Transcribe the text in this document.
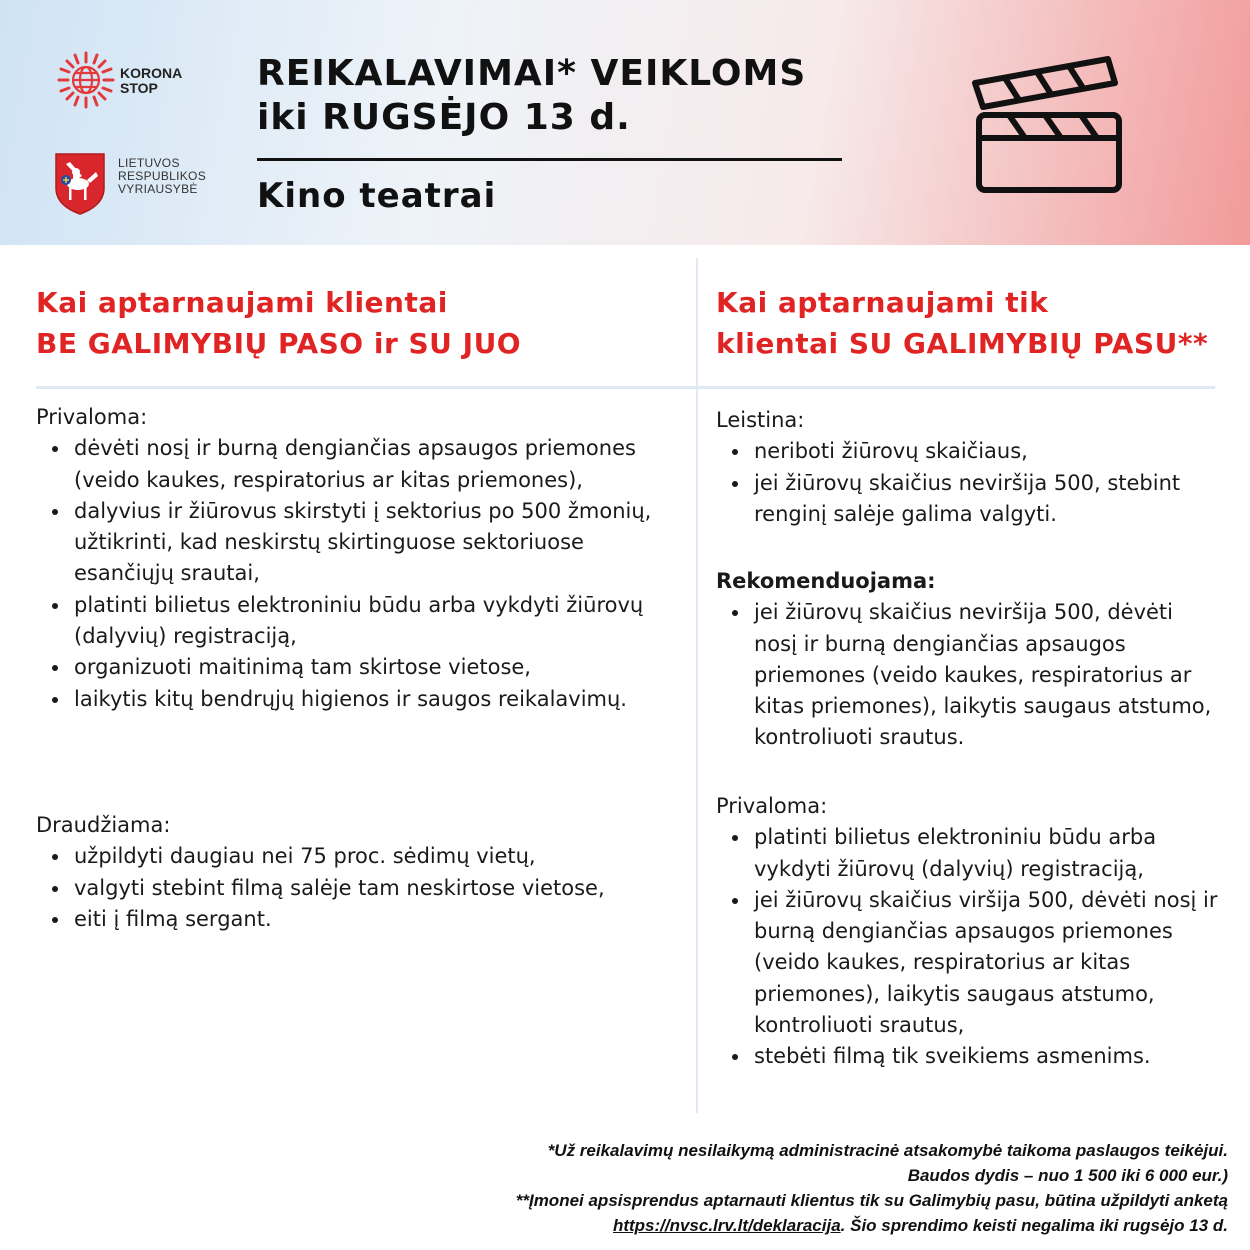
KORONA
STOP
LIETUVOS
RESPUBLIKOS
VYRIAUSYBĖ
REIKALAVIMAI* VEIKLOMS
iki RUGSĖJO 13 d.
Kino teatrai
Kai aptarnaujami klientai
BE GALIMYBIŲ PASO ir SU JUO
Privaloma:
dėvėti nosį ir burną dengiančias apsaugos priemones (veido kaukes, respiratorius ar kitas priemones),
dalyvius ir žiūrovus skirstyti į sektorius po 500 žmonių, užtikrinti, kad neskirstų skirtinguose sektoriuose esančiųjų srautai,
platinti bilietus elektroniniu būdu arba vykdyti žiūrovų (dalyvių) registraciją,
organizuoti maitinimą tam skirtose vietose,
laikytis kitų bendrųjų higienos ir saugos reikalavimų.
Draudžiama:
užpildyti daugiau nei 75 proc. sėdimų vietų,
valgyti stebint filmą salėje tam neskirtose vietose,
eiti į filmą sergant.
Kai aptarnaujami tik
klientai SU GALIMYBIŲ PASU**
Leistina:
neriboti žiūrovų skaičiaus,
jei žiūrovų skaičius neviršija 500, stebint renginį salėje galima valgyti.
Rekomenduojama:
jei žiūrovų skaičius neviršija 500, dėvėti nosį ir burną dengiančias apsaugos priemones (veido kaukes, respiratorius ar kitas priemones), laikytis saugaus atstumo, kontroliuoti srautus.
Privaloma:
platinti bilietus elektroniniu būdu arba vykdyti žiūrovų (dalyvių) registraciją,
jei žiūrovų skaičius viršija 500, dėvėti nosį ir burną dengiančias apsaugos priemones (veido kaukes, respiratorius ar kitas priemones), laikytis saugaus atstumo, kontroliuoti srautus,
stebėti filmą tik sveikiems asmenims.
*Už reikalavimų nesilaikymą administracinė atsakomybė taikoma paslaugos teikėjui.
Baudos dydis – nuo 1 500 iki 6 000 eur.)
**Įmonei apsisprendus aptarnauti klientus tik su Galimybių pasu, būtina užpildyti anketą
https://nvsc.lrv.lt/deklaracija. Šio sprendimo keisti negalima iki rugsėjo 13 d.
